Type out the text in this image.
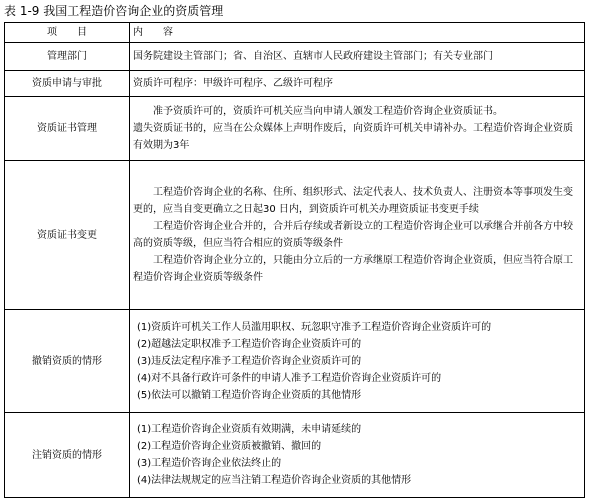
表 1-9 我国工程造价咨询企业的资质管理
项　　目	内　　容
管理部门	国务院建设主管部门；省、自治区、直辖市人民政府建设主管部门；有关专业部门

资质申请与审批	资质许可程序：甲级许可程序、乙级许可程序

资质证书管理	准予资质许可的，资质许可机关应当向申请人颁发工程造价咨询企业资质证书。
遗失资质证书的，应当在公众媒体上声明作废后，向资质许可机关申请补办。工程造价咨询企业资质有效期为3年

资质证书变更	工程造价咨询企业的名称、住所、组织形式、法定代表人、技术负责人、注册资本等事项发生变更的，应当自变更确立之日起30 日内，到资质许可机关办理资质证书变更手续
工程造价咨询企业合并的，合并后存续或者新设立的工程造价咨询企业可以承继合并前各方中较高的资质等级，但应当符合相应的资质等级条件
工程造价咨询企业分立的，只能由分立后的一方承继原工程造价咨询企业资质，但应当符合原工程造价咨询企业资质等级条件

撤销资质的情形	(1)资质许可机关工作人员滥用职权、玩忽职守准予工程造价咨询企业资质许可的
(2)超越法定职权准予工程造价咨询企业资质许可的
(3)违反法定程序准予工程造价咨询企业资质许可的
(4)对不具备行政许可条件的申请人准予工程造价咨询企业资质许可的
(5)依法可以撤销工程造价咨询企业资质的其他情形

注销资质的情形	(1)工程造价咨询企业资质有效期满，未申请延续的
(2)工程造价咨询企业资质被撤销、撤回的
(3)工程造价咨询企业依法终止的
(4)法律法规规定的应当注销工程造价咨询企业资质的其他情形
